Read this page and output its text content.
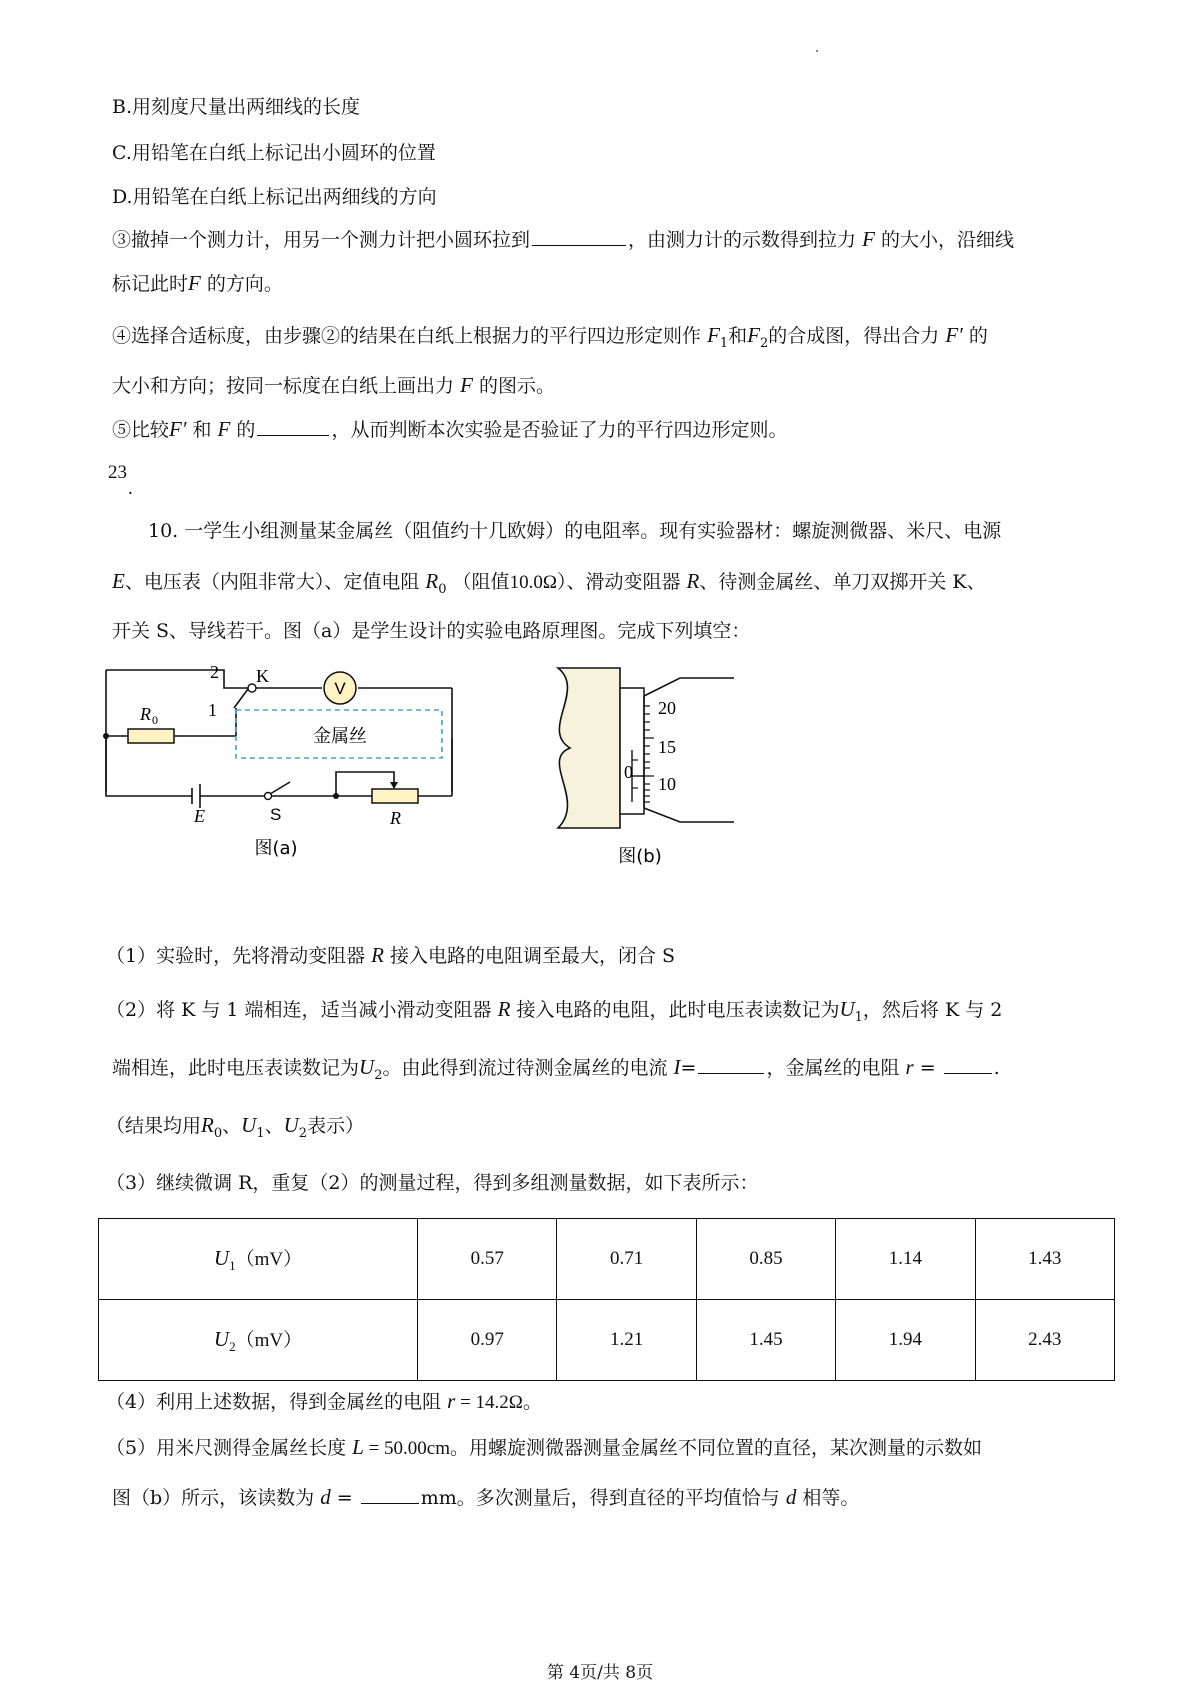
B.用刻度尺量出两细线的长度
C.用铅笔在白纸上标记出小圆环的位置
D.用铅笔在白纸上标记出两细线的方向
③撤掉一个测力计，用另一个测力计把小圆环拉到	，由测力计的示数得到拉力 F 的大小，沿细线
标记此时F 的方向。
④选择合适标度，由步骤②的结果在白纸上根据力的平行四边形定则作 $F_1$和$F_2$的合成图，得出合力 F′ 的
大小和方向；按同一标度在白纸上画出力 F 的图示。
⑤比较F′ 和 F 的	，从而判断本次实验是否验证了力的平行四边形定则。
23
.
10. 一学生小组测量某金属丝（阻值约十几欧姆）的电阻率。现有实验器材：螺旋测微器、米尺、电源
E、电压表（内阻非常大）、定值电阻 $R_0$ （阻值10.0Ω）、滑动变阻器 R、待测金属丝、单刀双掷开关 K、
开关 S、导线若干。图（a）是学生设计的实验电路原理图。完成下列填空：
V
金属丝
R 0
2
1
K
E	S	R
图(a)
20
15
10
0
图(b)
（1）实验时，先将滑动变阻器 R 接入电路的电阻调至最大，闭合 S
（2）将 K 与 1 端相连，适当减小滑动变阻器 R 接入电路的电阻，此时电压表读数记为$U_1$，然后将 K 与 2
端相连，此时电压表读数记为$U_2$。由此得到流过待测金属丝的电流 I=	，金属丝的电阻 r =	.
（结果均用$R_0$、$U_1$、$U_2$表示）
（3）继续微调 R，重复（2）的测量过程，得到多组测量数据，如下表所示：
$U_1(mV)$	0.57	0.71	0.85	1.14	1.43
$U_2(mV)$	0.97	1.21	1.45	1.94	2.43
（4）利用上述数据，得到金属丝的电阻 r = 14.2Ω。
（5）用米尺测得金属丝长度 L = 50.00cm。用螺旋测微器测量金属丝不同位置的直径，某次测量的示数如
图（b）所示，该读数为 d =	mm。多次测量后，得到直径的平均值恰与 d 相等。
第 4页/共 8页
